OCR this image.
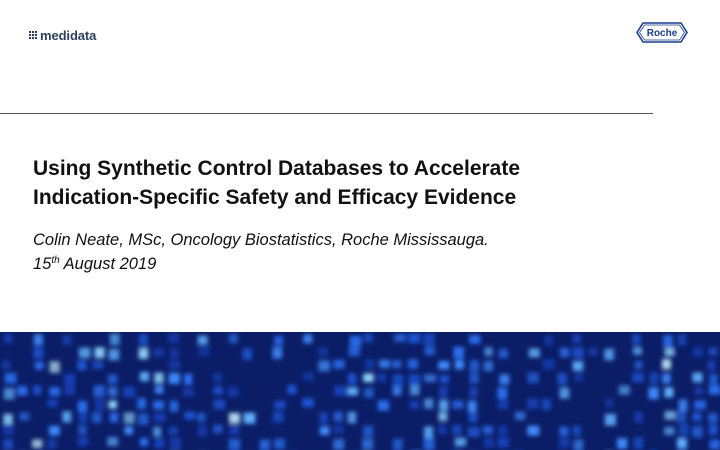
medidata	Roche
Using Synthetic Control Databases to Accelerate
Indication-Specific Safety and Efficacy Evidence
Colin Neate, MSc, Oncology Biostatistics, Roche Mississauga.
15th August 2019
